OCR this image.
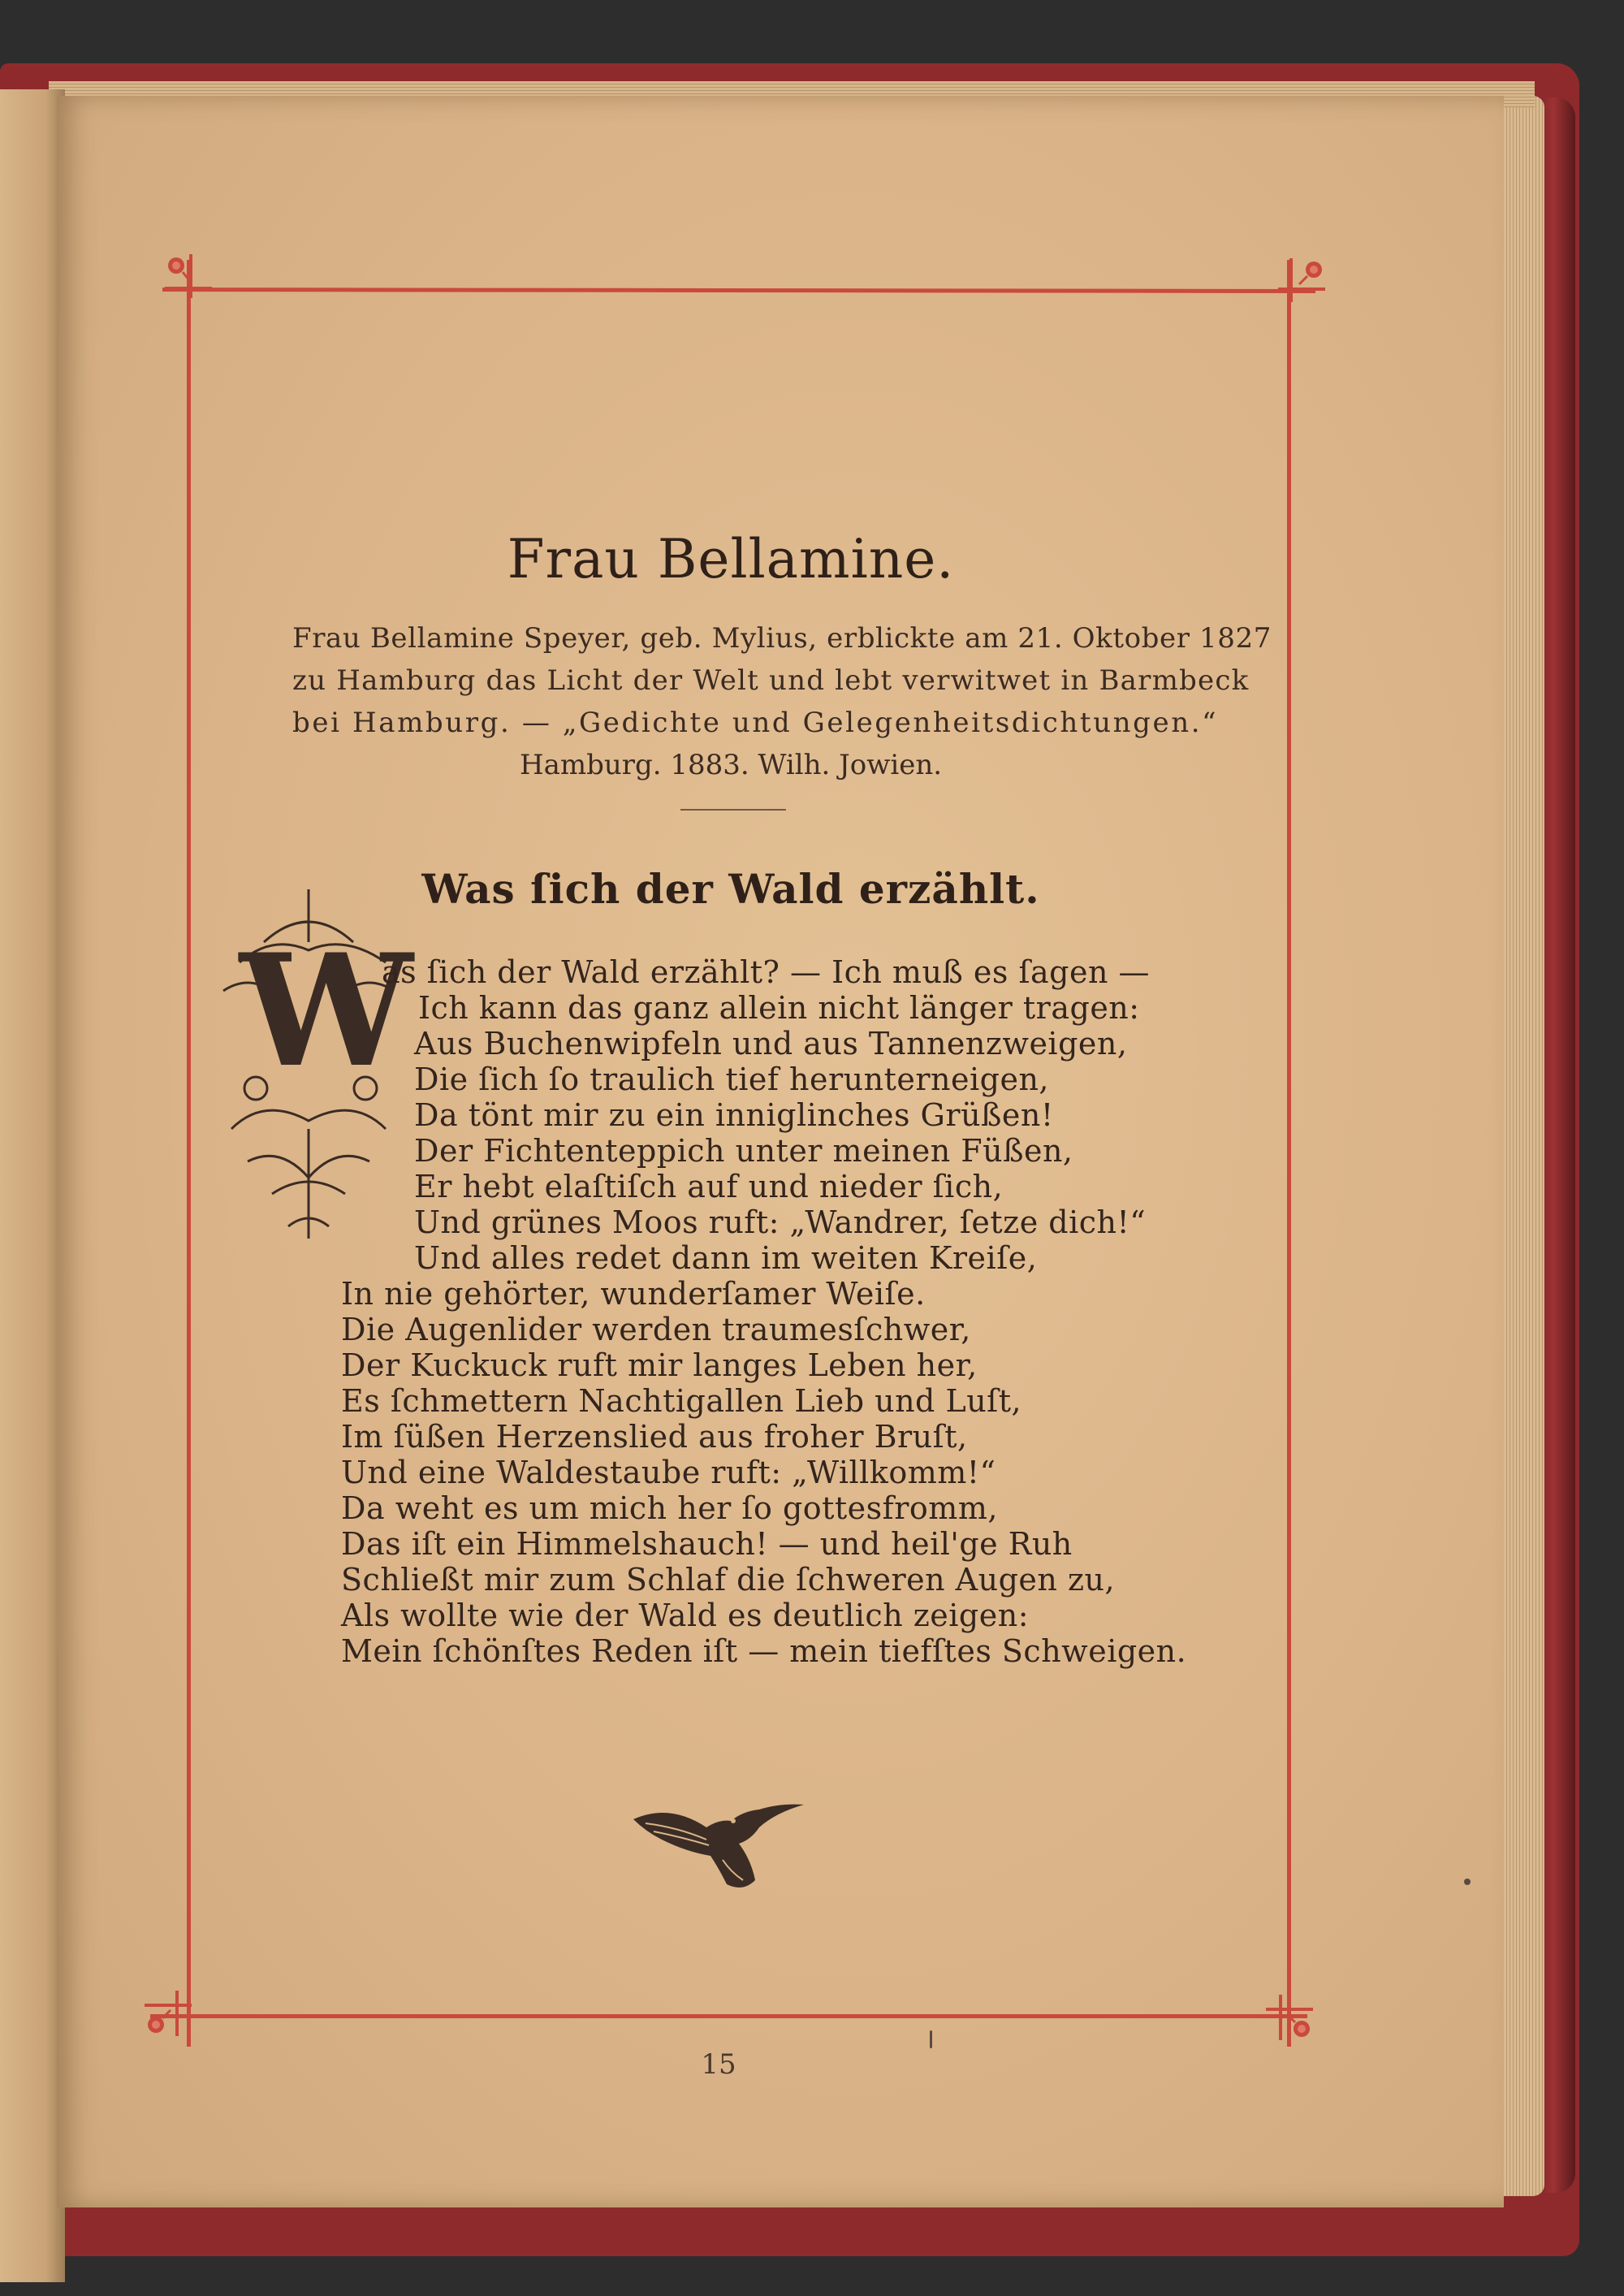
Frau Bellamine.
Frau Bellamine Speyer, geb. Mylius, erblickte am 21. Oktober 1827
zu Hamburg das Licht der Welt und lebt verwitwet in Barmbeck
bei Hamburg. — „Gedichte und Gelegenheitsdichtungen.“
Hamburg. 1883. Wilh. Jowien.
Was ſich der Wald erzählt.
W
as ſich der Wald erzählt? — Ich muß es ſagen —
Ich kann das ganz allein nicht länger tragen:
Aus Buchenwipfeln und aus Tannenzweigen,
Die ſich ſo traulich tief herunterneigen,
Da tönt mir zu ein inniglinches Grüßen!
Der Fichtenteppich unter meinen Füßen,
Er hebt elaſtiſch auf und nieder ſich,
Und grünes Moos ruft: „Wandrer, ſetze dich!“
Und alles redet dann im weiten Kreiſe,
In nie gehörter, wunderſamer Weiſe.
Die Augenlider werden traumesſchwer,
Der Kuckuck ruft mir langes Leben her,
Es ſchmettern Nachtigallen Lieb und Luſt,
Im ſüßen Herzenslied aus froher Bruſt,
Und eine Waldestaube ruft: „Willkomm!“
Da weht es um mich her ſo gottesfromm,
Das iſt ein Himmelshauch! — und heil'ge Ruh
Schließt mir zum Schlaf die ſchweren Augen zu,
Als wollte wie der Wald es deutlich zeigen:
Mein ſchönſtes Reden iſt — mein tiefſtes Schweigen.
15
